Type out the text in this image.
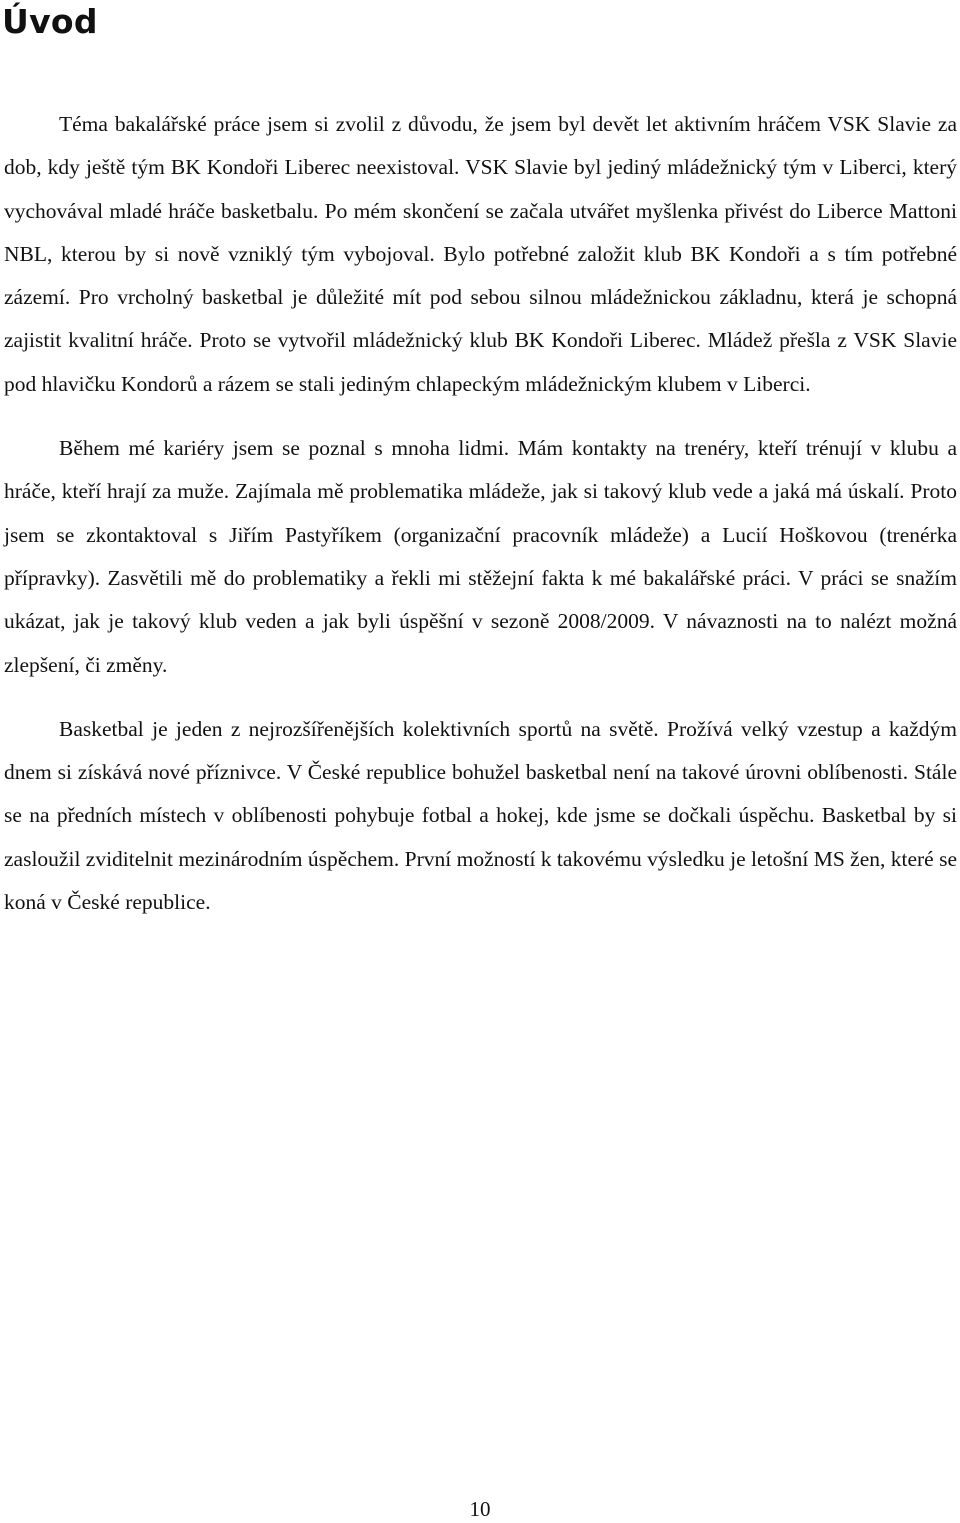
Úvod

Téma bakalářské práce jsem si zvolil z důvodu, že jsem byl devět let aktivním hráčem VSK Slavie za dob, kdy ještě tým BK Kondoři Liberec neexistoval. VSK Slavie byl jediný mládežnický tým v Liberci, který vychovával mladé hráče basketbalu. Po mém skončení se začala utvářet myšlenka přivést do Liberce Mattoni NBL, kterou by si nově vzniklý tým vybojoval. Bylo potřebné založit klub BK Kondoři a s tím potřebné zázemí. Pro vrcholný basketbal je důležité mít pod sebou silnou mládežnickou základnu, která je schopná zajistit kvalitní hráče. Proto se vytvořil mládežnický klub BK Kondoři Liberec. Mládež přešla z VSK Slavie pod hlavičku Kondorů a rázem se stali jediným chlapeckým mládežnickým klubem v Liberci.

Během mé kariéry jsem se poznal s mnoha lidmi. Mám kontakty na trenéry, kteří trénují v klubu a hráče, kteří hrají za muže. Zajímala mě problematika mládeže, jak si takový klub vede a jaká má úskalí. Proto jsem se zkontaktoval s Jiřím Pastyříkem (organizační pracovník mládeže) a Lucií Hoškovou (trenérka přípravky). Zasvětili mě do problematiky a řekli mi stěžejní fakta k mé bakalářské práci. V práci se snažím ukázat, jak je takový klub veden a jak byli úspěšní v sezoně 2008/2009. V návaznosti na to nalézt možná zlepšení, či změny.

Basketbal je jeden z nejrozšířenějších kolektivních sportů na světě. Prožívá velký vzestup a každým dnem si získává nové příznivce. V České republice bohužel basketbal není na takové úrovni oblíbenosti. Stále se na předních místech v oblíbenosti pohybuje fotbal a hokej, kde jsme se dočkali úspěchu. Basketbal by si zasloužil zviditelnit mezinárodním úspěchem. První možností k takovému výsledku je letošní MS žen, které se koná v České republice.

10
